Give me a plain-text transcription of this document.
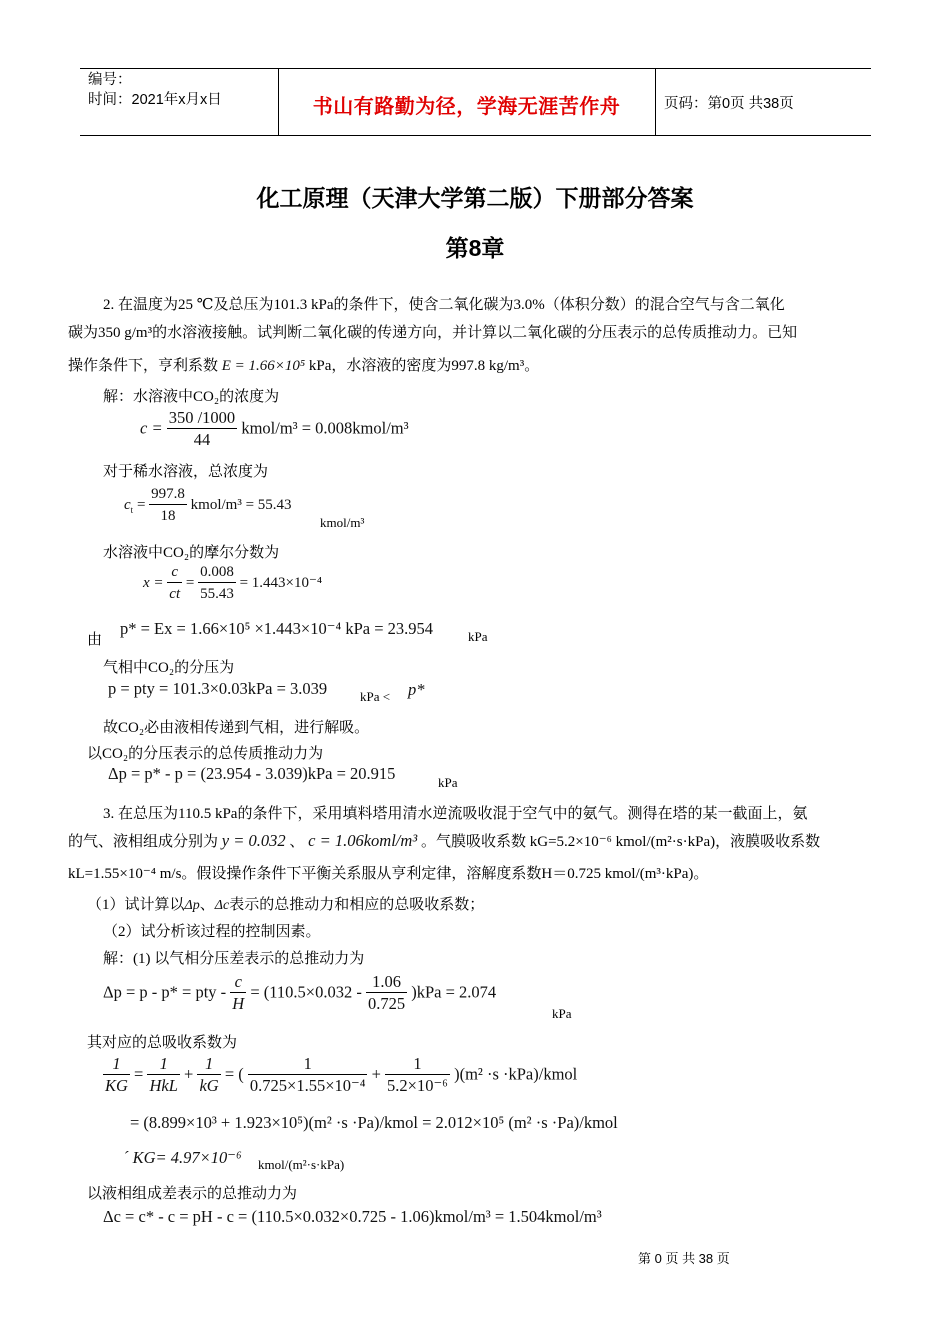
编号：
时间：2021年x月x日	书山有路勤为径，学海无涯苦作舟	页码：第0页 共38页
化工原理（天津大学第二版）下册部分答案
第8章
2. 在温度为25 ℃及总压为101.3 kPa的条件下，使含二氧化碳为3.0%（体积分数）的混合空气与含二氧化
碳为350 g/m³的水溶液接触。试判断二氧化碳的传递方向，并计算以二氧化碳的分压表示的总传质推动力。已知
操作条件下，亨利系数 E = 1.66×10⁵ kPa，水溶液的密度为997.8 kg/m³。
解：水溶液中CO₂的浓度为
$c = \frac{350 /1000}{44}$ kmol/m³ = 0.008kmol/m³
对于稀水溶液，总浓度为
$c_t = \frac{997.8}{18}$ kmol/m³ = 55.43
kmol/m³
水溶液中CO₂的摩尔分数为
$x = \frac{c}{ct} = \frac{0.008}{55.43} = 1.443\times 10^{-4}$
由
p* = Ex = 1.66×10⁵ ×1.443×10⁻⁴ kPa = 23.954	kPa
气相中CO₂的分压为
p = pty = 101.3×0.03kPa = 3.039	kPa < p*
故CO₂必由液相传递到气相，进行解吸。
以CO₂的分压表示的总传质推动力为
Δp = p* - p = (23.954 - 3.039)kPa = 20.915	kPa
3. 在总压为110.5 kPa的条件下，采用填料塔用清水逆流吸收混于空气中的氨气。测得在塔的某一截面上，氨
的气、液相组成分别为 y = 0.032 、 c = 1.06koml/m³ 。气膜吸收系数 kG=5.2×10⁻⁶ kmol/(m²·s·kPa)，液膜吸收系数
kL=1.55×10⁻⁴ m/s。假设操作条件下平衡关系服从亨利定律，溶解度系数H＝0.725 kmol/(m³·kPa)。
（1）试计算以Δp、Δc表示的总推动力和相应的总吸收系数；
（2）试分析该过程的控制因素。
解：(1) 以气相分压差表示的总推动力为
Δp = p - p* = pty - $\frac{c}{H} = (110.5\times 0.032 - \frac{1.06}{0.725} )kPa = 2.074$
kPa
其对应的总吸收系数为
$\frac{1}{KG} = \frac{1}{\text{HkL}} + \frac{1}{kG}$ = ( $\frac{1}{\text{0.725×1.55×10⁻⁴}} + \frac{1}{\text{5.2×10⁻⁶}} )(m^2 \cdot s$ ·kPa)/kmol
= (8.899×10³ + 1.923×10⁵)(m² ·s ·Pa)/kmol = 2.012×10⁵ (m² ·s ·Pa)/kmol
´ KG= 4.97×10⁻⁶ kmol/(m²·s·kPa)
以液相组成差表示的总推动力为
Δc = c* - c = pH - c = (110.5×0.032×0.725 - 1.06)kmol/m³ = 1.504kmol/m³
第 0 页 共 38 页
